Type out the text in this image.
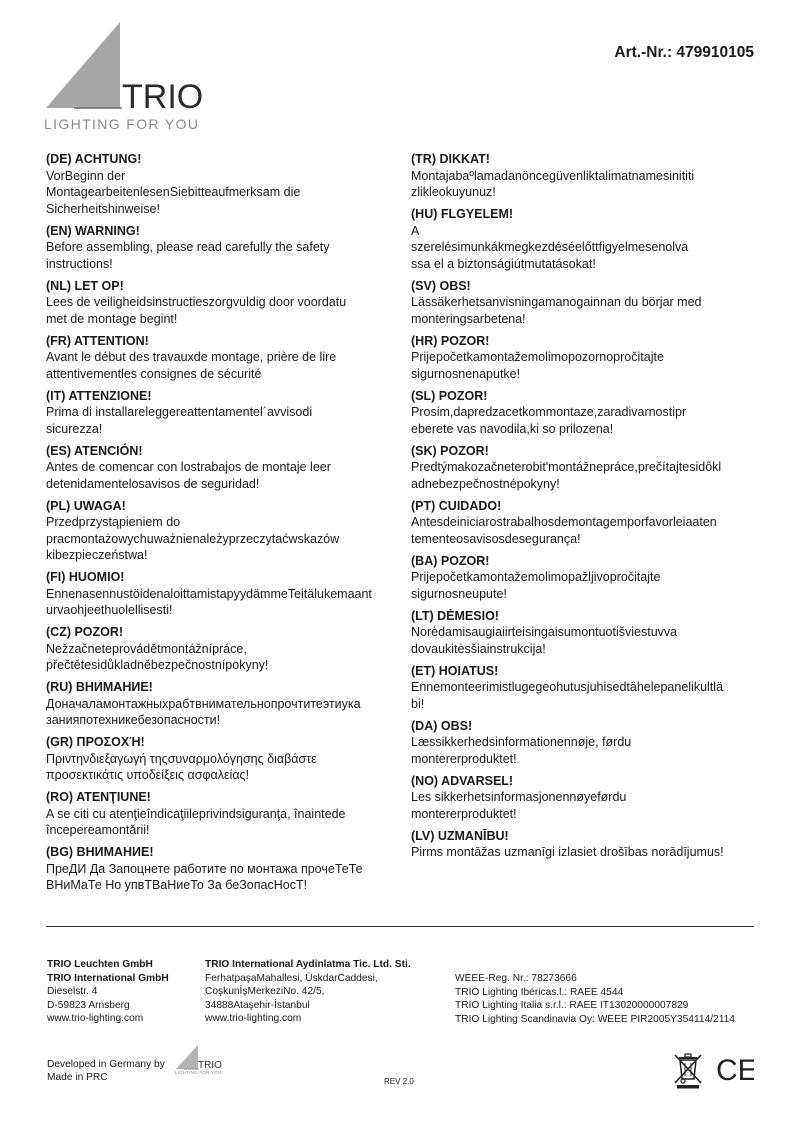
TRIO
LIGHTING FOR YOU
Art.-Nr.: 479910105
(DE) ACHTUNG!
VorBeginn der
MontagearbeitenlesenSiebitteaufmerksam die
Sicherheitshinweise!
(EN) WARNING!
Before assembling, please read carefully the safety
instructions!
(NL) LET OP!
Lees de veiligheidsinstructieszorgvuldig door voordatu
met de montage begint!
(FR) ATTENTION!
Avant le début des travauxde montage, prière de lire
attentivementles consignes de sécurité
(IT) ATTENZIONE!
Prima di installareleggereattentamentel´avvisodi
sicurezza!
(ES) ATENCIÓN!
Antes de comencar con lostrabajos de montaje leer
detenidamentelosavisos de seguridad!
(PL) UWAGA!
Przedprzystąpieniem do
pracmontażowychuważnienależyprzeczytaćwskazów
kibezpieczeństwa!
(FI) HUOMIO!
EnnenasennustöidenaloittamistapyydämmeTeitälukemaant
urvaohjeethuolellisesti!
(CZ) POZOR!
Nežzačneteprovádětmontážnípráce,
přečtětesidůkladněbezpečnostnípokyny!
(RU) ВНИМАНИЕ!
Доначаламонтажныхрабтвнимательнопрочтитеэтиука
занияпотехникебезопасности!
(GR) ΠΡΟΣΟΧΉ!
Πριντηνδιεξαγωγή τηςσυναρμολόγησης διαβάστε
προσεκτικάτις υποδείξεις ασφαλείας!
(RO) ATENŢIUNE!
A se citi cu atenţieîndicaţiileprivindsiguranţa, înaintede
începereamontării!
(BG) ВНИМАНИЕ!
ПреДИ Да Запоцнете работите по монтажа прочеТеТе
ВНиМаТе Но упвТВаНиеТо За беЗопасНосТ!
(TR) DIKKAT!
Montajabaºlamadanöncegüvenliktalimatnamesinititi
zlikleokuyunuz!
(HU) FLGYELEM!
A
szerelésimunkákmegkezdéséelőttfigyelmesenolva
ssa el a biztonságiútmutatásokat!
(SV) OBS!
Lässäkerhetsanvisningamanogainnan du börjar med
monteringsarbetena!
(HR) POZOR!
Prijepočetkamontažemolimopozornopročitajte
sigurnosnenaputke!
(SL) POZOR!
Prosim,dapredzacetkommontaze,zaradivarnostipr
eberete vas navodila,ki so prilozena!
(SK) POZOR!
Predtýmakozačneterobit'montážnepráce,prečítajtesidôkl
adnebezpečnostnépokyny!
(PT) CUIDADO!
Antesdeiniciarostrabalhosdemontagemporfavorleiaaten
tementeosavisosdesegurança!
(BA) POZOR!
Prijepočetkamontažemolimopažljivopročitajte
sigurnosneupute!
(LT) DĖMESIO!
Norėdamisaugiaiirteisingaisumontuotišviestuvva
dovaukitėsšiainstrukcija!
(ET) HOIATUS!
Ennemonteerimistlugegeohutusjuhisedtähelepanelikultlä
bi!
(DA) OBS!
Læssikkerhedsinformationennøje, førdu
montererproduktet!
(NO) ADVARSEL!
Les sikkerhetsinformasjonennøyeførdu
montererproduktet!
(LV) UZMANĪBU!
Pirms montāžas uzmanīgi izlasiet drošības norādījumus!
TRIO Leuchten GmbH
TRIO International GmbH
Dieselstr. 4
D-59823 Arnsberg
www.trio-lighting.com
TRIO International Aydinlatma Tic. Ltd. Sti.
FerhatpaşaMahallesi, ÜskdarCaddesi,
CoşkunİşMerkeziNo. 42/5,
34888Ataşehir-İstanbul
www.trio-lighting.com
WEEE-Reg. Nr.: 78273666
TRIO Lighting Ibéricas.l.: RAEE 4544
TRIO Lighting Italia s.r.l.: RAEE IT13020000007829
TRIO Lighting Scandinavia Oy: WEEE PIR2005Y354114/2114
Developed in Germany by
Made in PRC
TRIO
LIGHTING FOR YOU
REV 2.0	CE
